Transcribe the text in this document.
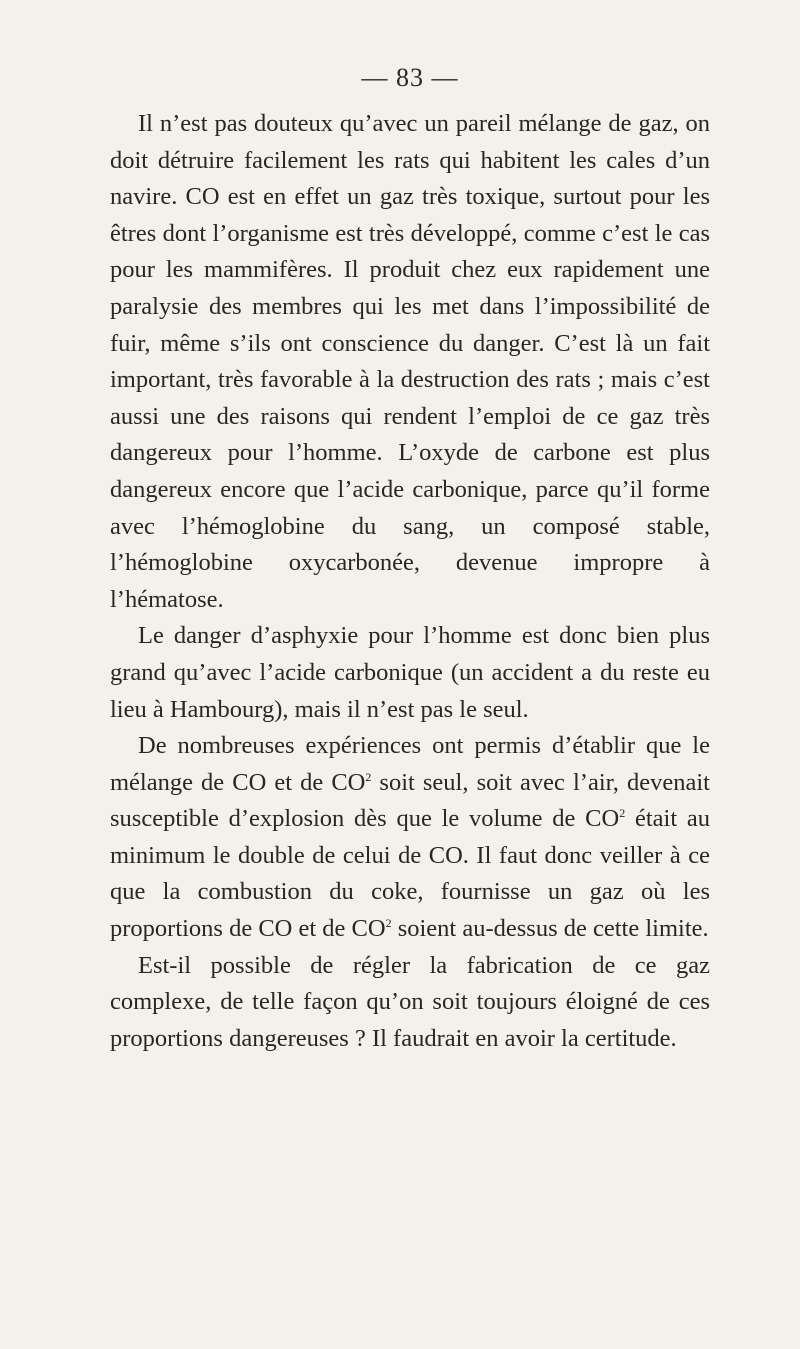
— 83 —

Il n’est pas douteux qu’avec un pareil mélange de gaz, on doit détruire facilement les rats qui habitent les cales d’un navire. CO est en effet un gaz très toxique, surtout pour les êtres dont l’organisme est très développé, comme c’est le cas pour les mammifères. Il produit chez eux rapidement une paralysie des membres qui les met dans l’impossibilité de fuir, même s’ils ont conscience du danger. C’est là un fait important, très favorable à la destruction des rats ; mais c’est aussi une des raisons qui rendent l’emploi de ce gaz très dangereux pour l’homme. L’oxyde de carbone est plus dangereux encore que l’acide carbonique, parce qu’il forme avec l’hémoglobine du sang, un composé stable, l’hémoglobine oxycarbonée, devenue impropre à l’hématose.

Le danger d’asphyxie pour l’homme est donc bien plus grand qu’avec l’acide carbonique (un accident a du reste eu lieu à Hambourg), mais il n’est pas le seul.

De nombreuses expériences ont permis d’établir que le mélange de CO et de $CO^2$ soit seul, soit avec l’air, devenait susceptible d’explosion dès que le volume de $CO^2$ était au minimum le double de celui de CO. Il faut donc veiller à ce que la combustion du coke, fournisse un gaz où les proportions de CO et de $CO^2$ soient au-dessus de cette limite.

Est-il possible de régler la fabrication de ce gaz complexe, de telle façon qu’on soit toujours éloigné de ces proportions dangereuses ? Il faudrait en avoir la certitude.
